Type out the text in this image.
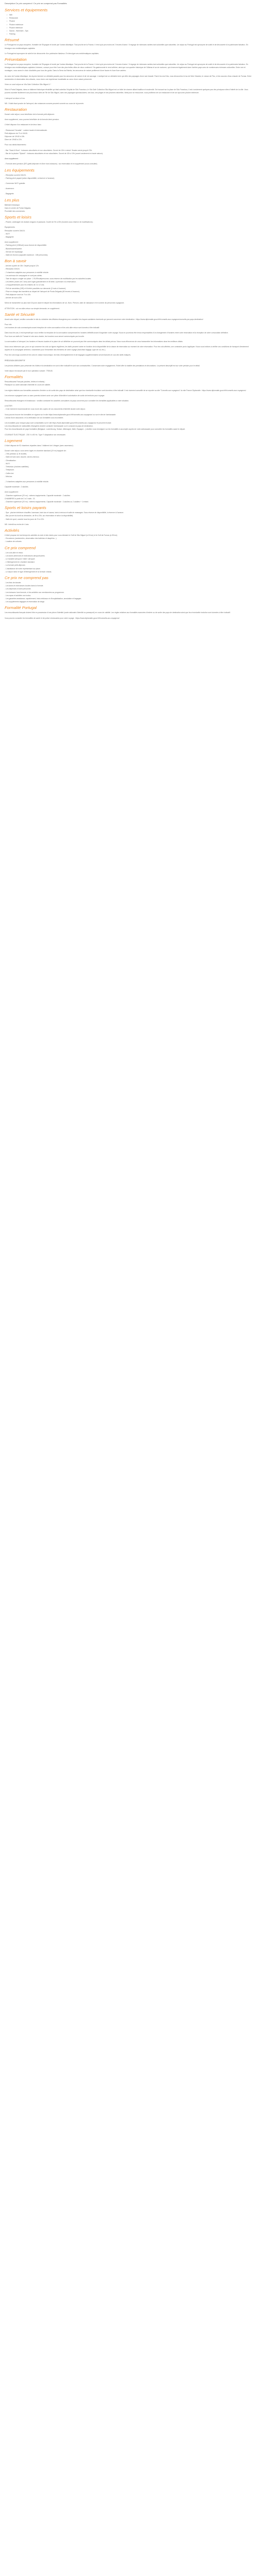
Description Ce prix comprend / Ce prix ne comprend pas Formalités

Services et équipements
• Wifi
• Restaurant
• Piscine
• Piscine extérieure
• Piscine intérieure
• Sauna - Hammam - Spa
• Parking
Résumé

Le Portugal est un pays européen, frontalier de l'Espagne et bordé par l'océan Atlantique. Tout proche de la France, il n'est qu'à peu moins de 2 heures d'avion ! Il regorge de richesses variées tant culturelles que naturelles. Un séjour au Portugal est synonyme de soleil et de découverte d'un patrimoine fabuleux. En témoigne ses emblématiques capitales.

Le Portugal est synonyme de soleil et de découverte d'un patrimoine fabuleux. En témoigne ses emblématiques capitales.

Présentation

Le Portugal est un pays européen, frontalier de l'Espagne et bordé par l'océan Atlantique. Tout proche de la France, il n'est qu'à peu moins de 2 heures d'avion ! Il regorge de richesses variées tant culturelles que naturelles. Un séjour au Portugal est synonyme de soleil et de découverte d'un patrimoine fabuleux. En témoigne ses emblématiques capitales Lisbonne, connue pour être l'une des plus belles villes de vieux continent ! Sa gastronomie le rend célèbre, ainsi que son quartier historique de l'Alfama et sa vie nocturne, qui s'exercent également dans l'arrière-pays avec de nombreuses richesses culturelles. Entre mer et montagne, vous aurez le choix d'activités pour tous les goûts. Dans la Serra da Estrela, les amoureux de nature profiteront d'une faune et d'une flore variées.

Au cœur de l'océan Atlantique, les Açores forment un véritable paradis pour les amoureux de nature et de vie sauvage. L'archipel est un véritable écrin qui offre des paysages d'une rare beauté. Parmi les neuf îles, vous découvrirez le lac de Sete Cidades, le volcan de Pico, et les sources d'eau chaude de Furnas. Entre randonnées et observation des cétacés, vous vivrez une expérience inoubliable au cœur d'une nature préservée.

Vivez un court séjour au Vila Gale Collection São Miguel 4 *

Situé à Ponta Delgada, dans un bâtiment historique réhabilité qui était autrefois l'hôpital de São Francisco, le Vila Galé Collection São Miguel est un hôtel de charme alliant tradition et modernité. Se trouvant sur la place de São Francisco, il est à seulement quelques pas des principaux sites d'intérêt de la ville. Vous pourrez accéder facilement aux plus beaux sites de l'île de São Miguel, avec ses paysages spectaculaires, ses lacs, ses plages et ses piscines naturelles. Idéal pour se ressourcer, vous profiterez de son restaurant et de son spa avec piscine intérieure.

L'aéroport se situe à 4 km.

NB : l'hôtel étant proche de l'aéroport, des nuisances sonores peuvent survenir au cours de la journée.

Restauration

Durant votre séjour, vous bénéficiez de la formule petit-déjeuner.

Avec supplément, vous pourrez bénéficier de la formule demi-pension.

L'hôtel dispose d'un restaurant et de deux bars :

- Restaurant "Arcadia" : cuisine locale et internationale.
Petit-déjeuner de 7h à 10h30.
Déjeuner de 12h30 à 15h.
Dîner de 19h30 à 22h.

Pour vos rafraîchissements :

- Bar "Saúd & Bom" : boissons alcoolisées et non alcoolisées. Ouvert de 10h à minuit. Snacks servis jusqu'à 23h.
- Bar de la piscine "Splash" : boissons alcoolisées et non alcoolisées. Ouvert de 10h à 19h (ouvert seulement en haute saison).

Avec supplément :

- Formule demi-pension (DP) (petit-déjeuner et dîner hors boissons) : sur réservation et en supplément (nous consulter).

Les équipements

- Réception ouverte 24h/24.
- Parking privé payant (selon disponibilité, à réserver à l'avance).

- Connexion Wi-Fi gratuite.

- Ascenseur.

- Bagagerie.

Les plus

Bâtiment historique.
Dans le centre de Ponta Delgada.
Proximité des commerces.

Sports et loisirs

- Piscine, aménagée de chaises longues et parasols. Ouvert de 9h à 20h (horaires sous réserve de modifications).

Équipements
Réception ouverte 24h/24.
- Wi-Fi
- Bagagerie

Avec supplément :
- Parking privé (10€/nuit) sous réserve de disponibilité.
- Blanchisserie/laverie.
- Service de repassage.
- Salle de réunion (capacité maximum : 165 personnes).

Bon à savoir

- Arrivée à partir de 15h. Départ jusqu'à 12h.
- Réception 24h/24.
- 2 chambres adaptées aux personnes à mobilité réduite.
- Les animaux de compagnie ne sont pas admis.
- Taxe de séjour à régler sur place : 2 EUR/nuit/personne, sous réserve de modification par les autorités locales.
- Les bébés (moins de 2 ans) sont logés gratuitement en lit bébé, à préciser à la réservation.
- Lit supplémentaire pour les enfants de 2 à 12 ans.
- Prêt de serviettes (10€) et lit bébé possibles sur demande (2 mois à l'avance).
- Prise en charge des transferts au départ de l'aéroport de Ponta Delgada (48 heures à l'avance).
- Petit-déjeuner servi de 7h à 10h.
- Arrivée de nuit à 20h.

Merci de transmettre au plus tard 15 jours avant le départ les informations de vol, Nom, Prénom, date de naissance et le nombre de personnes voyageant.

ATTENTION : vol non aller-retour sur simple demande, en supplément.

Santé et Sécurité

Avant votre départ, veuillez consulter le site du ministère des Affaires étrangères pour connaître les risques sanitaires éventuels qui peuvent concerner votre destination : https://www.diplomatie.gouv.fr/fr/conseils-aux-voyageurs/conseils-par-pays-destination/

Pour info
Les horaires de vols communiqués avant réception de votre convocation et les vols aller retour sont donnés à titre indicatif.

Dans tous les cas, il est impératif que vous vérifiez la réception de la convocation comprenant les horaires définitifs avant d'organiser votre voyage. Nous ne pourrions être tenus responsables d'un changement d'horaires entre votre réservation et la réception de votre convocation définitive.
Pour tous vos tarifs Air Transat et vols secs charter, les horaires vous seront communiqués par la suite.

La convocation à l'aéroport, les horaires et heures locales et la place de vol définitive ne pourront pas être communiqués dans les délais prévus. Nous nous efforcerons de vous transmettre les informations dans les meilleurs délais.

Nous vous informons que, pour ce qui concerne les vols sur lignes régulières, les tarifs peuvent varier en fonction de la disponibilité de la classe de réservation au moment de votre réservation. Pour les vols affrétés, une contrainte peut s'appliquer. Nous vous invitons à vérifier vos conditions de transport directement auprès de la compagnie aérienne, notamment pour l'ensemble des éléments de votre voyage (franchise bagage, type de vol, etc.).

Pour les vols longs courriers et les vols en classe économique, les frais d'enregistrement et de bagages supplémentaires seront facturés en sus des tarifs indiqués.

PRÉCISION DESCRIPTIF

Les photos utilisées pour présenter les hôtels et la destination ne sont à titre indicatif et sont non contractuelles. Conservant notre engagement, l'hôtel offre la totalité des prestations et décorations. Le présent descriptif est sur votre période pour le détail.

Votre séjour est assuré par le tour opérateur suivant : TRAVIA

Formalités

Ressortissants Français (adultes, bébés et enfants) :
Passeport ou carte nationale d'identité en cours de validité.

Les règles relatives aux formalités avancées d'entrée ou de sortie des pays de destination ainsi que leur éventuelle évolution sont données à titre indicatif. Il est vivement conseillé de se reporter au site "Conseils aux voyageurs" du site France Diplomatie : https://www.diplomatie.gouv.fr/fr/conseils-aux-voyageurs/

Les mineurs voyageant avec ou sans parents doivent avoir une pièce d'identité et autorisation de sortie de territoire pour voyager.

Ressortissants étrangers et binationaux : veuillez contacter les autorités consulaires du pays concerné pour connaître les formalités applicables à votre situation.

A NOTER
- Il est vivement recommandé de vous munir des copies de vos documents d'identité durant votre séjour.

Vous pouvez trouver les formalités en vigueur sur le site https://www.diplomatie.gouv.fr/fr/conseils-aux-voyageurs/ ou sur le site de l'ambassade.
L'achat d'une assurance, et la vérification de vos formalités vous incombent.

Les modalités pour chaque pays sont consultables sur le site https://www.diplomatie.gouv.fr/fr/conseils-aux-voyageurs/ et peuvent évoluer.
Les ressortissants de nationalités étrangères doivent contacter l'ambassade ou le consulat du pays de destination.
Pour les ressortissants de pays frontaliers (Belgique, Luxembourg, Suisse, Allemagne, Italie, Espagne...) veuillez vous renseigner sur les formalités à accomplir auprès de votre ambassade pour connaître les formalités avant le départ.

COURANT ÉLECTRIQUE : 230 V à 50 Hz. Type F. Adaptateur non nécessaire.

Logement

L'hôtel dispose de 92 chambres réparties dans 1 bâtiment de 4 étages (avec ascenseur).

Durant votre séjour, vous serez logés en chambre standard (19 m²) équipée de :
- 2 lits jumeaux (1 lit double).
- Salle de bain avec douche, sèche-cheveux.
- Climatisation.
- Wi-Fi.
- Télévision (chaînes satellites).
- Téléphone.
- Coffre-fort.
- Mini-bar.

- 2 chambres adaptées aux personnes à mobilité réduite.

Capacité maximale : 2 adultes.

Avec supplément :
- Chambre supérieure (20 m²) : mêmes équipements. Capacité maximale : 2 adultes.
CHAMBRES à partir de 2 à 3 nuits : 21.
- Chambre supérieure (20 m²) : mêmes équipements. Capacité maximale : 3 adultes ou 2 adultes + 1 enfant.

Sports et loisirs payants

- Spa : piscine intérieure chauffée, hammam, bain turc et sauna, bain à remous et salle de massages. Sous réserve de disponibilité, à réserver à l'avance.
- Bar (ouvert du lundi au dimanche, de 9h à 20h, sur réservation et selon la disponibilité).
- Salle de sport, ouverte tous les jours de 7h à 22h.

NB : interdit au moins de 4 ans.

Activités

L'hôtel propose de tout temps les activités du club et des loisirs pour vous distraire le Golf de São Miguel (à 15 km) et le Golf de Furnas (à 35 km).
- Excursions (randonnées, observation des baleines et dauphins...).
- Location de voitures.

Ce prix comprend

- Les vols aller et retour.
- Les taxes aériennes et redevances aéroportuaires.
- Le transfert aéroport / hôtel / aéroport.
- L'hébergement en chambre standard.
- La formule petit-déjeuner.
- L'assistance de notre représentant sur place.
- Le séjour selon le type d'hébergement et la formule choisis.

Ce prix ne comprend pas

- Les frais de dossier.
- Les taxes et redevances locales dans la formule.
- Les dépenses d'ordre personnel.
- Les boissons hors formule, ni les activités non mentionnées au programme.
- Les repas et activités non inclus.
- Les garanties assistance, rapatriement, frais médicaux et d'hospitalisation, annulation et bagages.
- Les suppléments bagages et réservation de siège.

Formalité Portugal

Les ressortissants français doivent être en possession d'une pièce d'identité (carte nationale d'identité ou passeport) en cours de validité. Les règles relatives aux formalités avancées d'entrée ou de sortie des pays de destination ainsi que leur éventuelle évolution sont données à titre indicatif.

Vous pouvez consulter les formalités de santé et de police nécessaires pour votre voyage : https://www.diplomatie.gouv.fr/fr/conseils-aux-voyageurs/
